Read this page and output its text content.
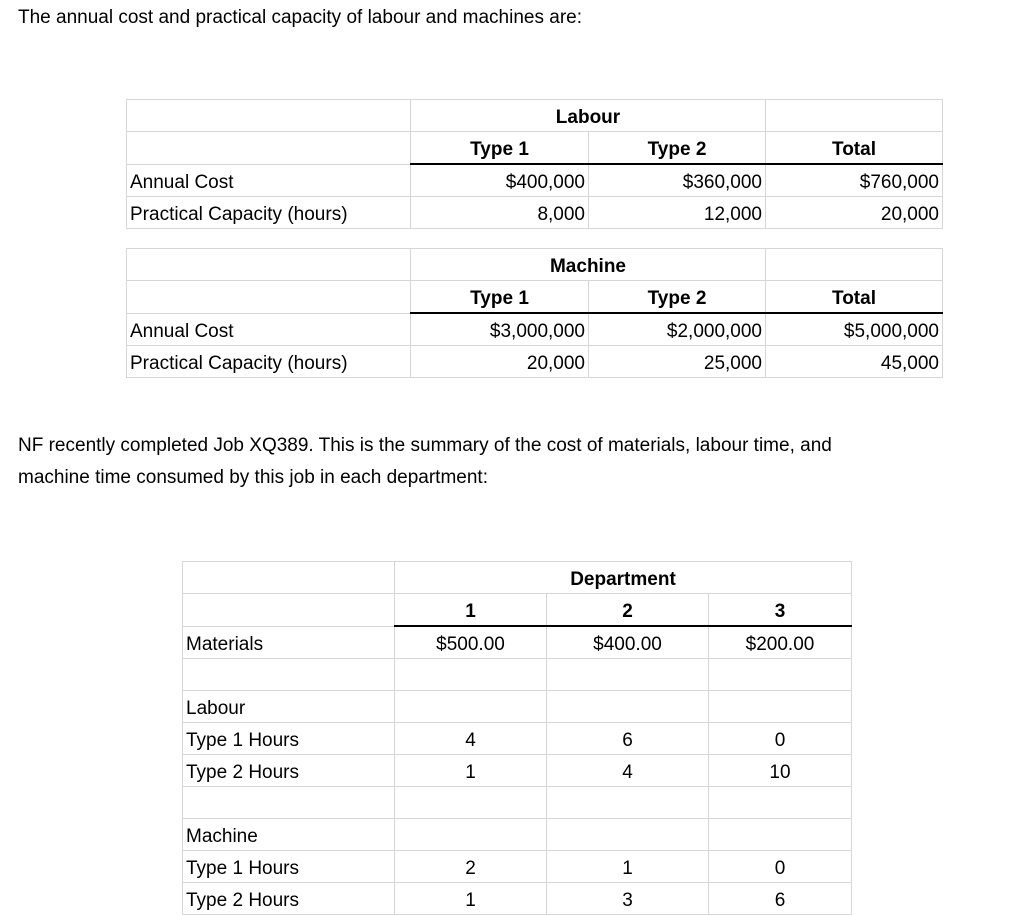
The annual cost and practical capacity of labour and machines are:

	Labour		
	Type 1	Type 2	Total
Annual Cost	$400,000	$360,000	$760,000
Practical Capacity (hours)	8,000	12,000	20,000
	Machine		
	Type 1	Type 2	Total
Annual Cost	$3,000,000	$2,000,000	$5,000,000
Practical Capacity (hours)	20,000	25,000	45,000

NF recently completed Job XQ389. This is the summary of the cost of materials, labour time, and

machine time consumed by this job in each department:

	Department		
	1	2	3
Materials	$500.00	$400.00	$200.00

Labour			
Type 1 Hours	4	6	0
Type 2 Hours	1	4	10

Machine			
Type 1 Hours	2	1	0
Type 2 Hours	1	3	6
